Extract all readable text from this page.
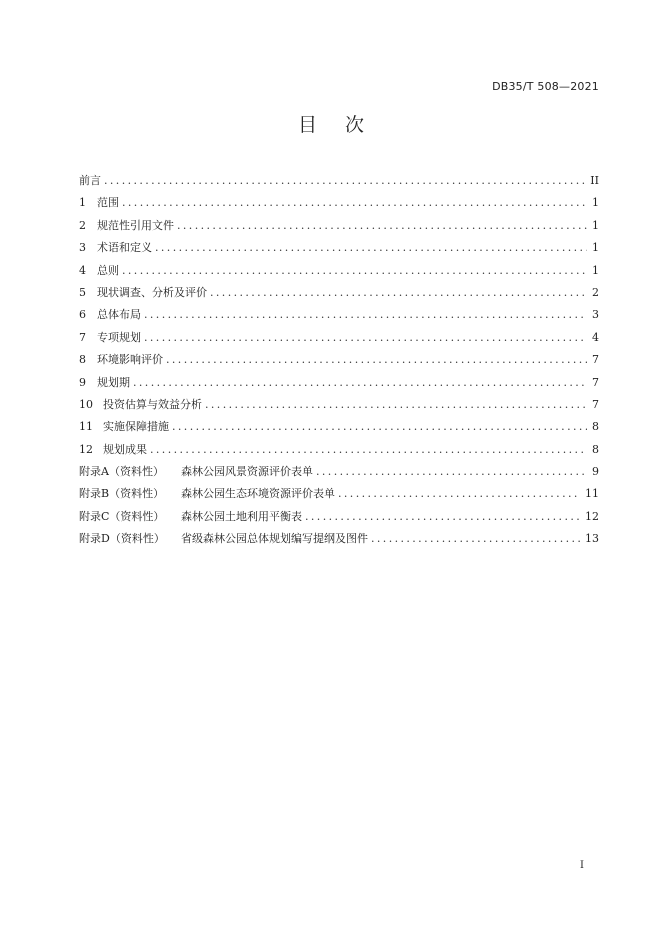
DB35/T 508—2021
目次
前言 .....	II
1	范围 .....	1
2	规范性引用文件 .....	1
3	术语和定义 .....	1
4	总则 .....	1
5	现状调查、分析及评价 .....	2
6	总体布局 .....	3
7	专项规划 .....	4
8	环境影响评价 .....	7
9	规划期 .....	7
10 投资估算与效益分析 .....	7
11 实施保障措施 .....	8
12 规划成果 .....	8
附录A（资料性）	森林公园风景资源评价表单 .....	9
附录B（资料性）	森林公园生态环境资源评价表单 .....	11
附录C（资料性）	森林公园土地利用平衡表 .....	12
附录D（资料性）	省级森林公园总体规划编写提纲及图件 .....	13
I
